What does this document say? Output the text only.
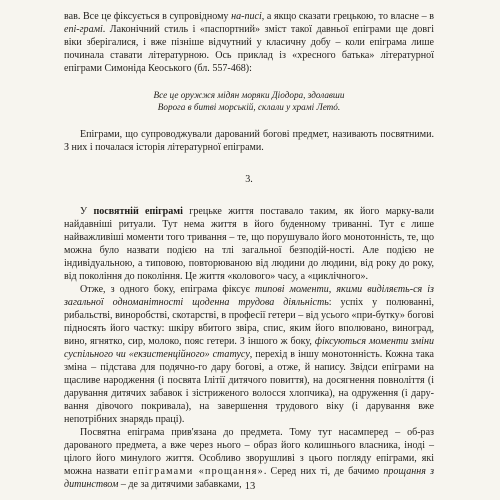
вав. Все це фіксується в супровідному на-писі, а якщо сказати грецькою, то власне – в епі-грамі. Лаконічний стиль і «паспортний» зміст такої давньої епіграми ще довгі віки зберігалися, і вже пізніше відчутний у класичну добу – коли епіграма лише починала ставати літературною. Ось приклад із «хресного батька» літературної епіграми Симоніда Кеоського (бл. 557-468):

Все це оружжя мідян моряки Діодора, здолавши
Ворога в битві морській, склали у храмі Летó.

Епіграми, що супроводжували дарований богові предмет, називають посвятними. З них і почалася історія літературної епіграми.

3.

У посвятній епіграмі грецьке життя поставало таким, як його марку-вали найдавніші ритуали. Тут нема життя в його буденному триванні. Тут є лише найважливіші моменти того тривання – те, що порушувало його монотонність, те, що можна було назвати подією на тлі загальної безподій-ності. Але подією не індивідуальною, а типовою, повторюваною від людини до людини, від року до року, від покоління до покоління. Це життя «колового» часу, а «циклічного».

Отже, з одного боку, епіграма фіксує типові моменти, якими виділяєть-ся із загальної одноманітності щоденна трудова діяльність: успіх у полюванні, рибальстві, виноробстві, скотарстві, в професії гетери – від усього «при-бутку» богові підносять його частку: шкіру вбитого звіра, спис, яким його вполювано, виноград, вино, ягнятко, сир, молоко, пояс гетери. З іншого ж боку, фіксуються моменти зміни суспільного чи «екзистенційного» статусу, перехід в іншу монотонність. Кожна така зміна – підстава для подячно-го дару богові, а отже, й напису. Звідси епіграми на щасливе народження (і посвята Ілітії дитячого повиття), на досягнення повноліття (і дарування дитячих забавок і зістриженого волосся хлопчика), на одруження (і дару-вання дівочого покривала), на завершення трудового віку (і дарування вже непотрібних знарядь праці).

Посвятна епіграма прив'язана до предмета. Тому тут насамперед – об-раз дарованого предмета, а вже через нього – образ його колишнього власника, іноді – цілого його минулого життя. Особливо зворушливі з цього погляду епіграми, які можна назвати епіграмами «прощання». Серед них ті, де бачимо прощання з дитинством – де за дитячими забавками, 13
